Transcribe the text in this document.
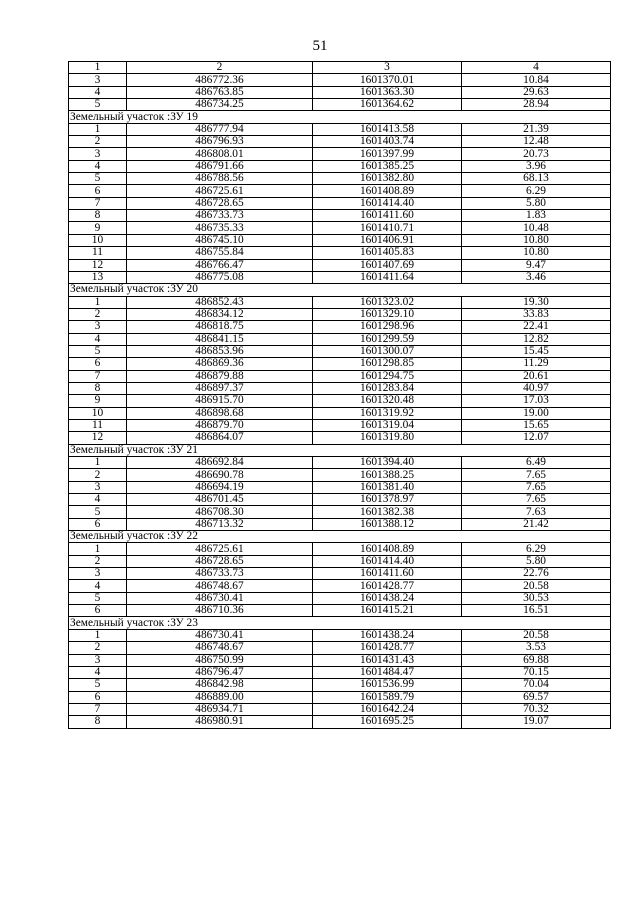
51
1	2	3	4
3	486772.36	1601370.01	10.84
4	486763.85	1601363.30	29.63
5	486734.25	1601364.62	28.94
Земельный участок :ЗУ 19			
1	486777.94	1601413.58	21.39
2	486796.93	1601403.74	12.48
3	486808.01	1601397.99	20.73
4	486791.66	1601385.25	3.96
5	486788.56	1601382.80	68.13
6	486725.61	1601408.89	6.29
7	486728.65	1601414.40	5.80
8	486733.73	1601411.60	1.83
9	486735.33	1601410.71	10.48
10	486745.10	1601406.91	10.80
11	486755.84	1601405.83	10.80
12	486766.47	1601407.69	9.47
13	486775.08	1601411.64	3.46
Земельный участок :ЗУ 20			
1	486852.43	1601323.02	19.30
2	486834.12	1601329.10	33.83
3	486818.75	1601298.96	22.41
4	486841.15	1601299.59	12.82
5	486853.96	1601300.07	15.45
6	486869.36	1601298.85	11.29
7	486879.88	1601294.75	20.61
8	486897.37	1601283.84	40.97
9	486915.70	1601320.48	17.03
10	486898.68	1601319.92	19.00
11	486879.70	1601319.04	15.65
12	486864.07	1601319.80	12.07
Земельный участок :ЗУ 21			
1	486692.84	1601394.40	6.49
2	486690.78	1601388.25	7.65
3	486694.19	1601381.40	7.65
4	486701.45	1601378.97	7.65
5	486708.30	1601382.38	7.63
6	486713.32	1601388.12	21.42
Земельный участок :ЗУ 22			
1	486725.61	1601408.89	6.29
2	486728.65	1601414.40	5.80
3	486733.73	1601411.60	22.76
4	486748.67	1601428.77	20.58
5	486730.41	1601438.24	30.53
6	486710.36	1601415.21	16.51
Земельный участок :ЗУ 23			
1	486730.41	1601438.24	20.58
2	486748.67	1601428.77	3.53
3	486750.99	1601431.43	69.88
4	486796.47	1601484.47	70.15
5	486842.98	1601536.99	70.04
6	486889.00	1601589.79	69.57
7	486934.71	1601642.24	70.32
8	486980.91	1601695.25	19.07
